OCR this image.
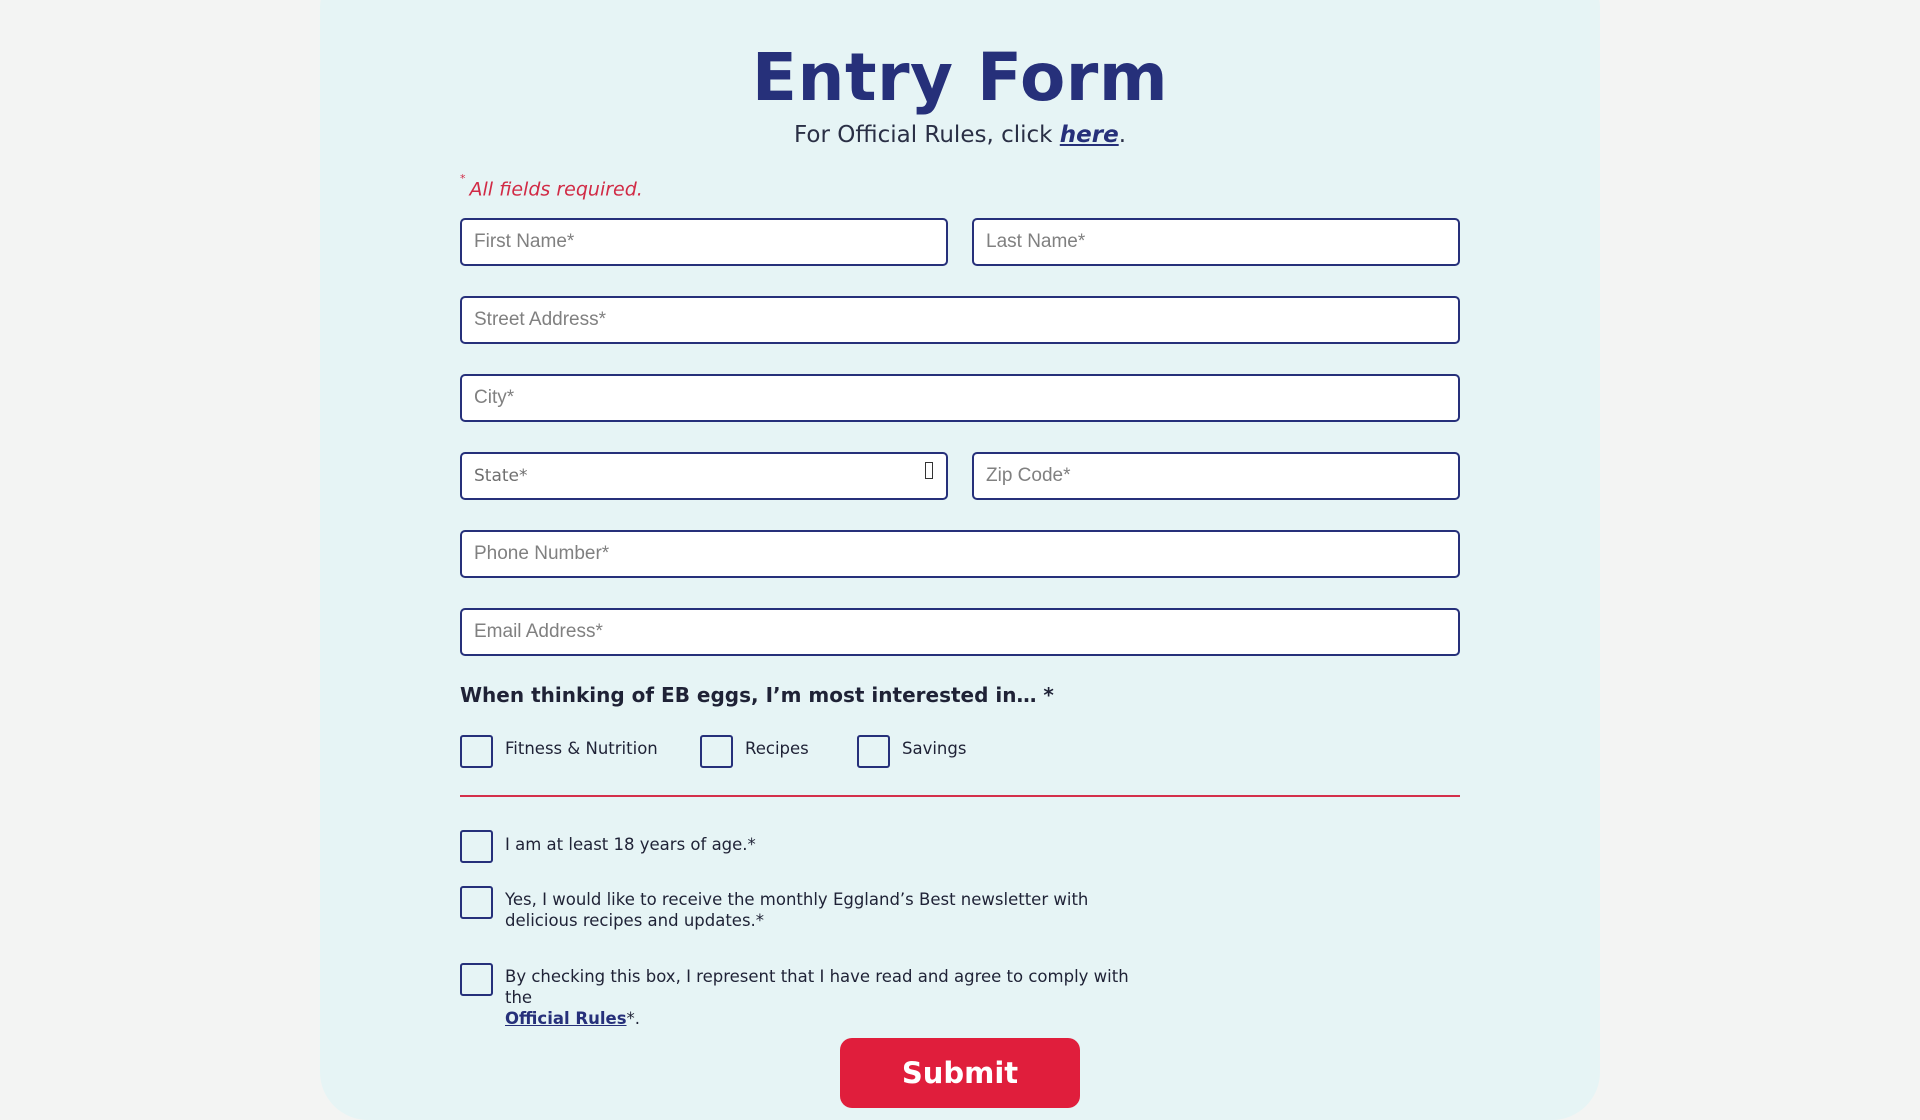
Entry Form
For Official Rules, click here.
* All fields required.
First Name*
Last Name*
Street Address*
City*
State*
Zip Code*
Phone Number*
Email Address*
When thinking of EB eggs, I’m most interested in… *
Fitness & Nutrition	Recipes	Savings
I am at least 18 years of age.*
Yes, I would like to receive the monthly Eggland’s Best newsletter with delicious recipes and updates.*
By checking this box, I represent that I have read and agree to comply with the
Official Rules*.
Submit
